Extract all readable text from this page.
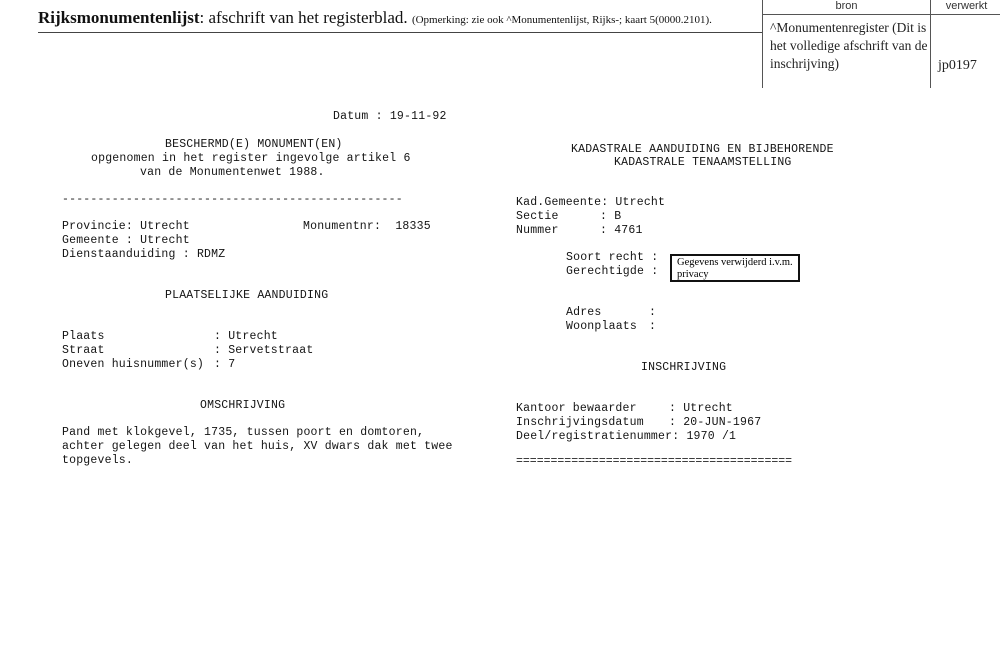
Rijksmonumentenlijst: afschrift van het registerblad. (Opmerking: zie ook ^Monumentenlijst, Rijks-; kaart 5(0000.2101).
bron	verwerkt
^Monumentenregister (Dit is het volledige afschrift van de inschrijving)	jp0197
Datum : 19-11-92
BESCHERMD(E) MONUMENT(EN)
opgenomen in het register ingevolge artikel 6
van de Monumentenwet 1988.
------------------------------------------------
Provincie: Utrecht	Monumentnr:  18335
Gemeente : Utrecht
Dienstaanduiding : RDMZ
PLAATSELIJKE AANDUIDING
Plaats	: Utrecht
Straat	: Servetstraat
Oneven huisnummer(s) : 7
OMSCHRIJVING
Pand met klokgevel, 1735, tussen poort en domtoren,
achter gelegen deel van het huis, XV dwars dak met twee
topgevels.
KADASTRALE AANDUIDING EN BIJBEHORENDE
KADASTRALE TENAAMSTELLING
Kad.Gemeente: Utrecht
Sectie	: B
Nummer	: 4761
Soort recht :
Gerechtigde :
Gegevens verwijderd i.v.m. privacy
Adres	:
Woonplaats :
INSCHRIJVING
Kantoor bewaarder	: Utrecht
Inschrijvingsdatum : 20-JUN-1967
Deel/registratienummer: 1970 /1
========================================
